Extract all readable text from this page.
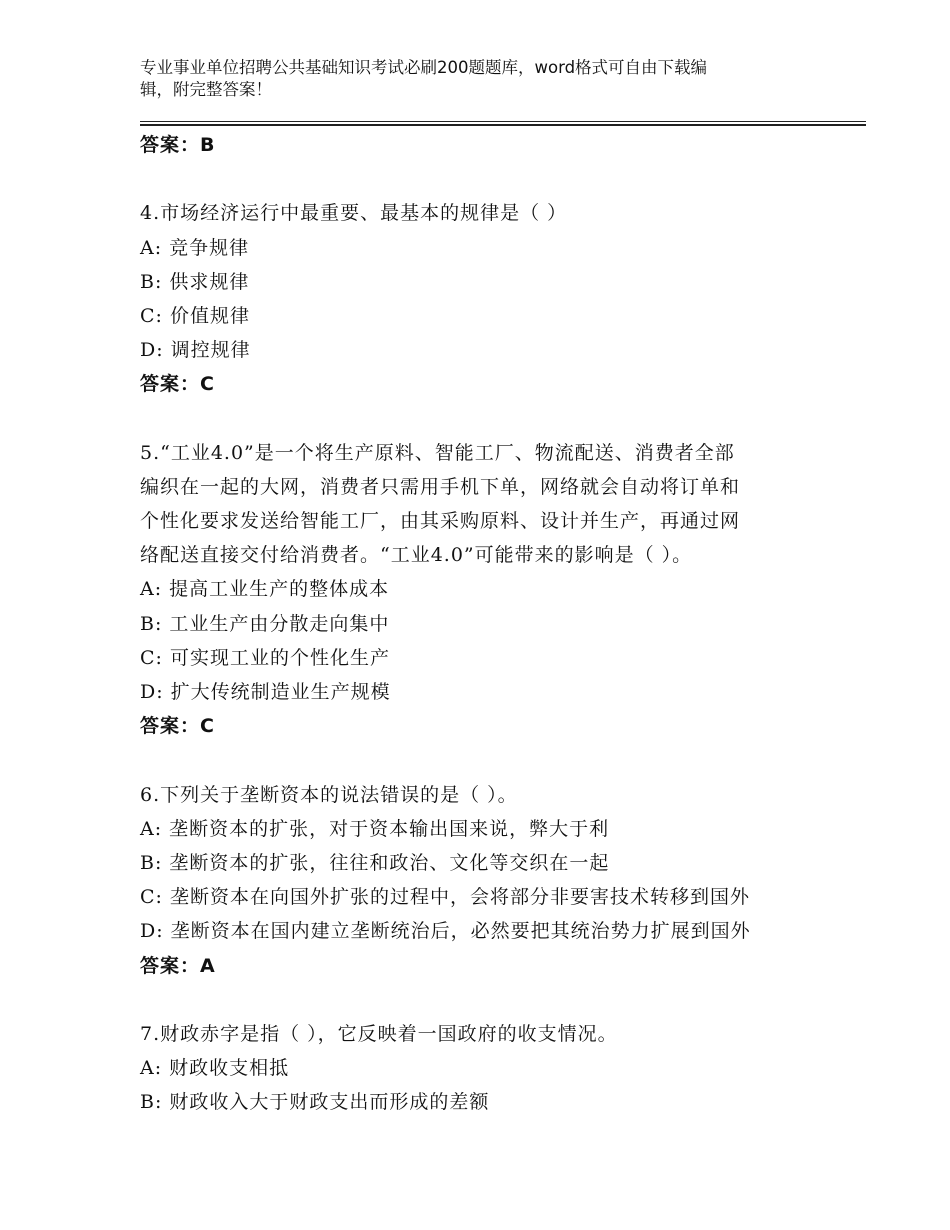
专业事业单位招聘公共基础知识考试必刷200题题库，word格式可自由下载编
辑，附完整答案！
答案：B
4.市场经济运行中最重要、最基本的规律是（ ）
A: 竞争规律
B: 供求规律
C: 价值规律
D: 调控规律
答案：C
5.“工业4.0”是一个将生产原料、智能工厂、物流配送、消费者全部
编织在一起的大网，消费者只需用手机下单，网络就会自动将订单和
个性化要求发送给智能工厂，由其采购原料、设计并生产，再通过网
络配送直接交付给消费者。“工业4.0”可能带来的影响是（ ）。
A: 提高工业生产的整体成本
B: 工业生产由分散走向集中
C: 可实现工业的个性化生产
D: 扩大传统制造业生产规模
答案：C
6.下列关于垄断资本的说法错误的是（ ）。
A: 垄断资本的扩张，对于资本输出国来说，弊大于利
B: 垄断资本的扩张，往往和政治、文化等交织在一起
C: 垄断资本在向国外扩张的过程中，会将部分非要害技术转移到国外
D: 垄断资本在国内建立垄断统治后，必然要把其统治势力扩展到国外
答案：A
7.财政赤字是指（ ），它反映着一国政府的收支情况。
A: 财政收支相抵
B: 财政收入大于财政支出而形成的差额
